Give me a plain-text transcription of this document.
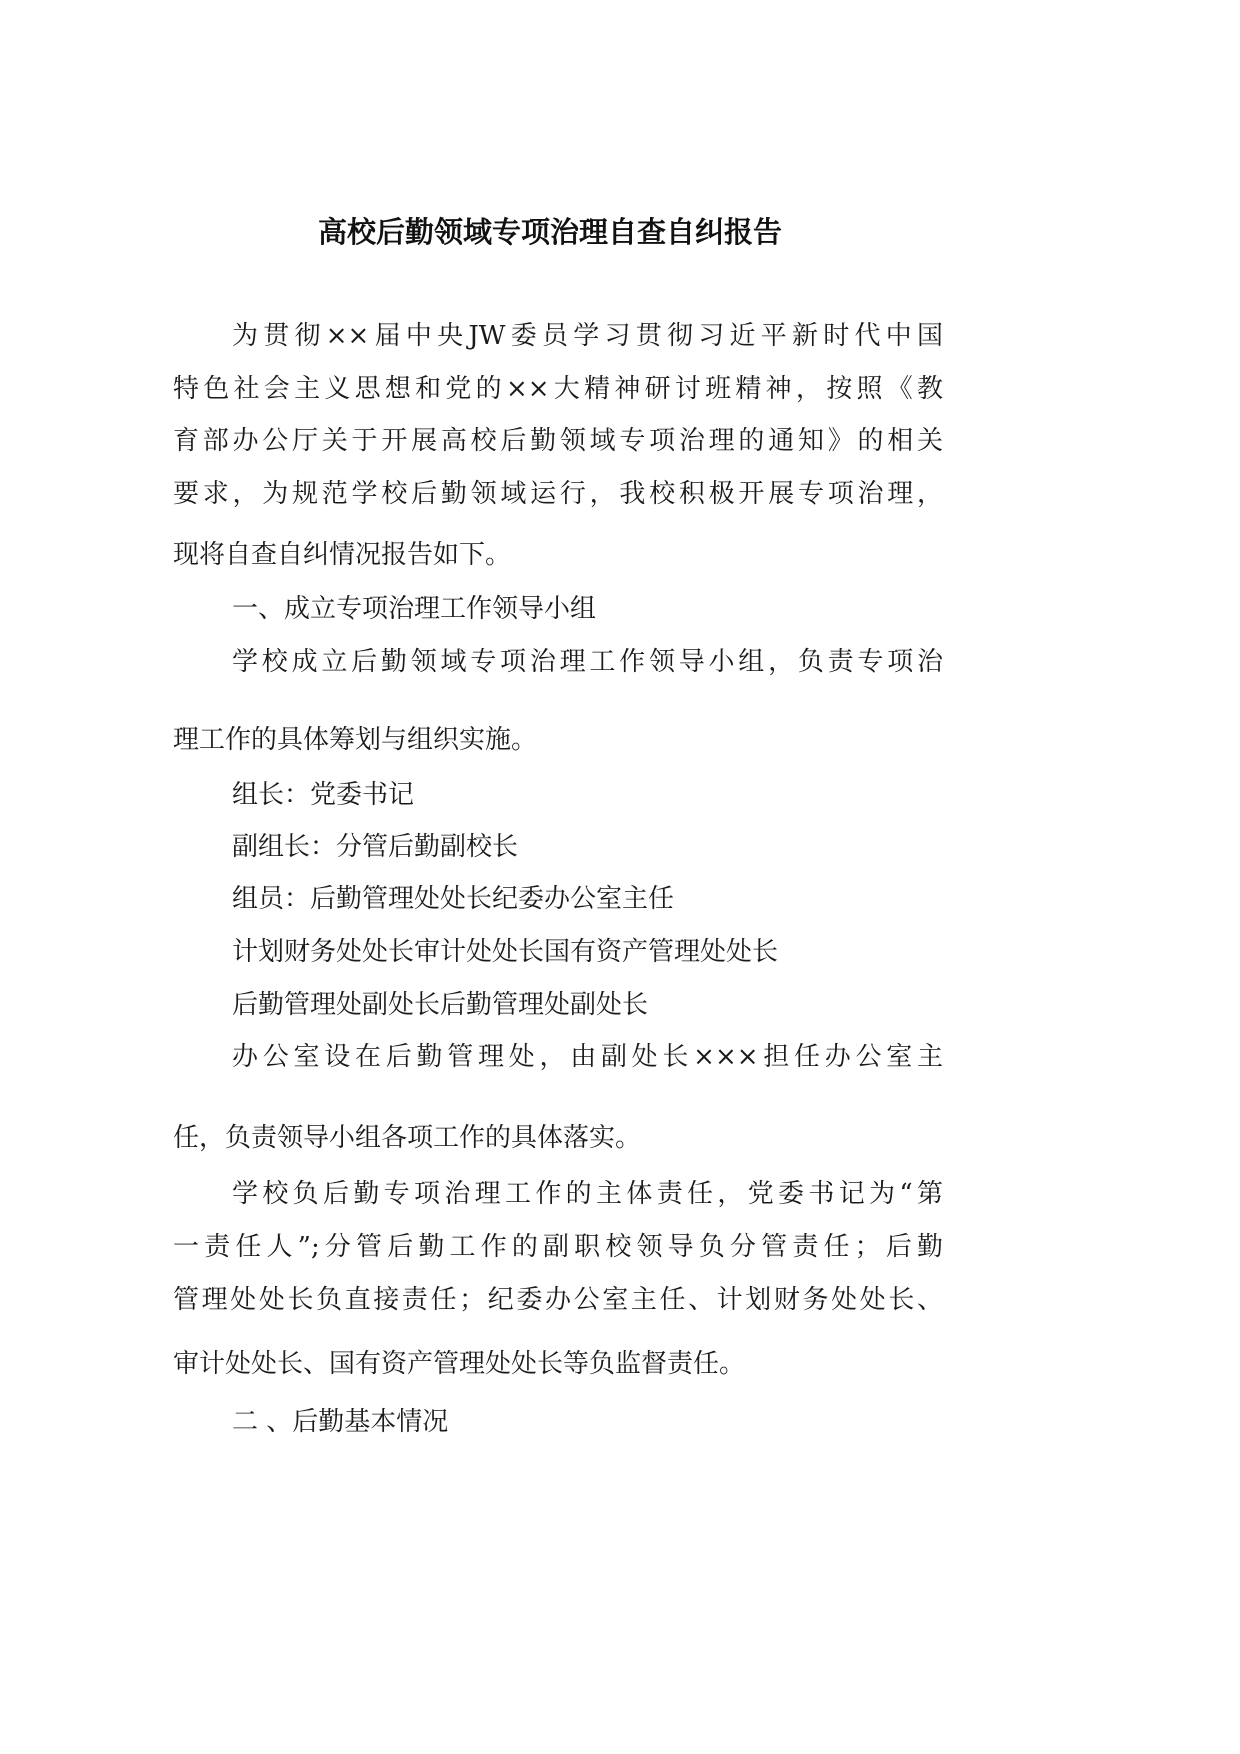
高校后勤领域专项治理自查自纠报告
为贯彻××届中央JW委员学习贯彻习近平新时代中国
特色社会主义思想和党的××大精神研讨班精神，按照《教
育部办公厅关于开展高校后勤领域专项治理的通知》的相关
要求，为规范学校后勤领域运行，我校积极开展专项治理，
现将自查自纠情况报告如下。
一、成立专项治理工作领导小组
学校成立后勤领域专项治理工作领导小组，负责专项治
理工作的具体筹划与组织实施。
组长：党委书记
副组长：分管后勤副校长
组员：后勤管理处处长纪委办公室主任
计划财务处处长审计处处长国有资产管理处处长
后勤管理处副处长后勤管理处副处长
办公室设在后勤管理处，由副处长×××担任办公室主
任，负责领导小组各项工作的具体落实。
学校负后勤专项治理工作的主体责任，党委书记为“第
一责任人”;分管后勤工作的副职校领导负分管责任；后勤
管理处处长负直接责任；纪委办公室主任、计划财务处处长、
审计处处长、国有资产管理处处长等负监督责任。
二 、后勤基本情况
